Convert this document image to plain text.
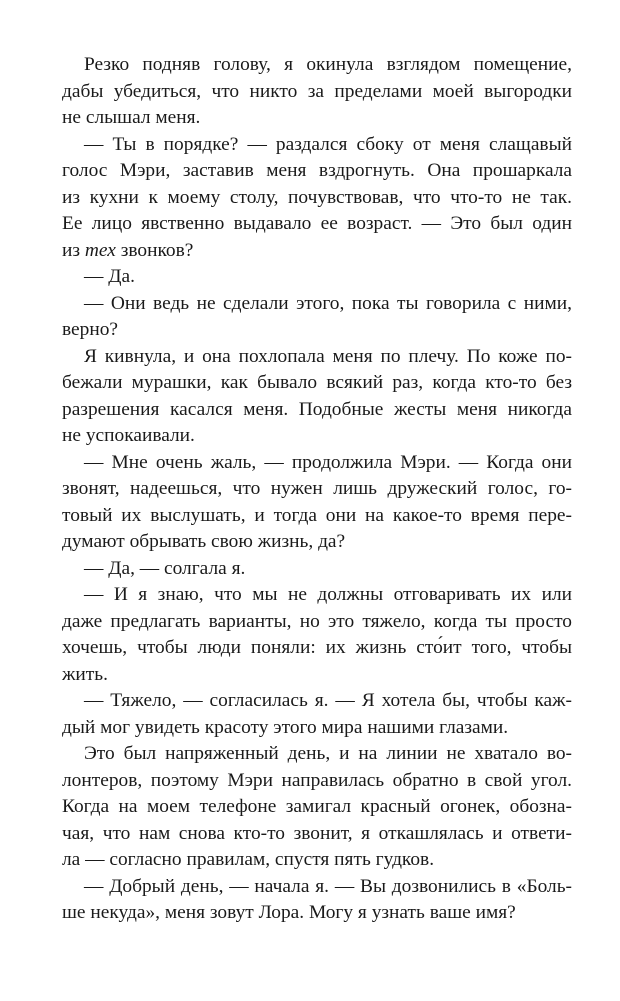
Резко подняв голову, я окинула взглядом помещение,
дабы убедиться, что никто за пределами моей выгородки
не слышал меня.
— Ты в порядке? — раздался сбоку от меня слащавый
голос Мэри, заставив меня вздрогнуть. Она прошаркала
из кухни к моему столу, почувствовав, что что-то не так.
Ее лицо явственно выдавало ее возраст. — Это был один
из тех звонков?
— Да.
— Они ведь не сделали этого, пока ты говорила с ними,
верно?
Я кивнула, и она похлопала меня по плечу. По коже по-
бежали мурашки, как бывало всякий раз, когда кто-то без
разрешения касался меня. Подобные жесты меня никогда
не успокаивали.
— Мне очень жаль, — продолжила Мэри. — Когда они
звонят, надеешься, что нужен лишь дружеский голос, го-
товый их выслушать, и тогда они на какое-то время пере-
думают обрывать свою жизнь, да?
— Да, — солгала я.
— И я знаю, что мы не должны отговаривать их или
даже предлагать варианты, но это тяжело, когда ты просто
хочешь, чтобы люди поняли: их жизнь сто́ит того, чтобы
жить.
— Тяжело, — согласилась я. — Я хотела бы, чтобы каж-
дый мог увидеть красоту этого мира нашими глазами.
Это был напряженный день, и на линии не хватало во-
лонтеров, поэтому Мэри направилась обратно в свой угол.
Когда на моем телефоне замигал красный огонек, обознa-
чая, что нам снова кто-то звонит, я откашлялась и ответи-
ла — согласно правилам, спустя пять гудков.
— Добрый день, — начала я. — Вы дозвонились в «Боль-
ше некуда», меня зовут Лора. Могу я узнать ваше имя?
